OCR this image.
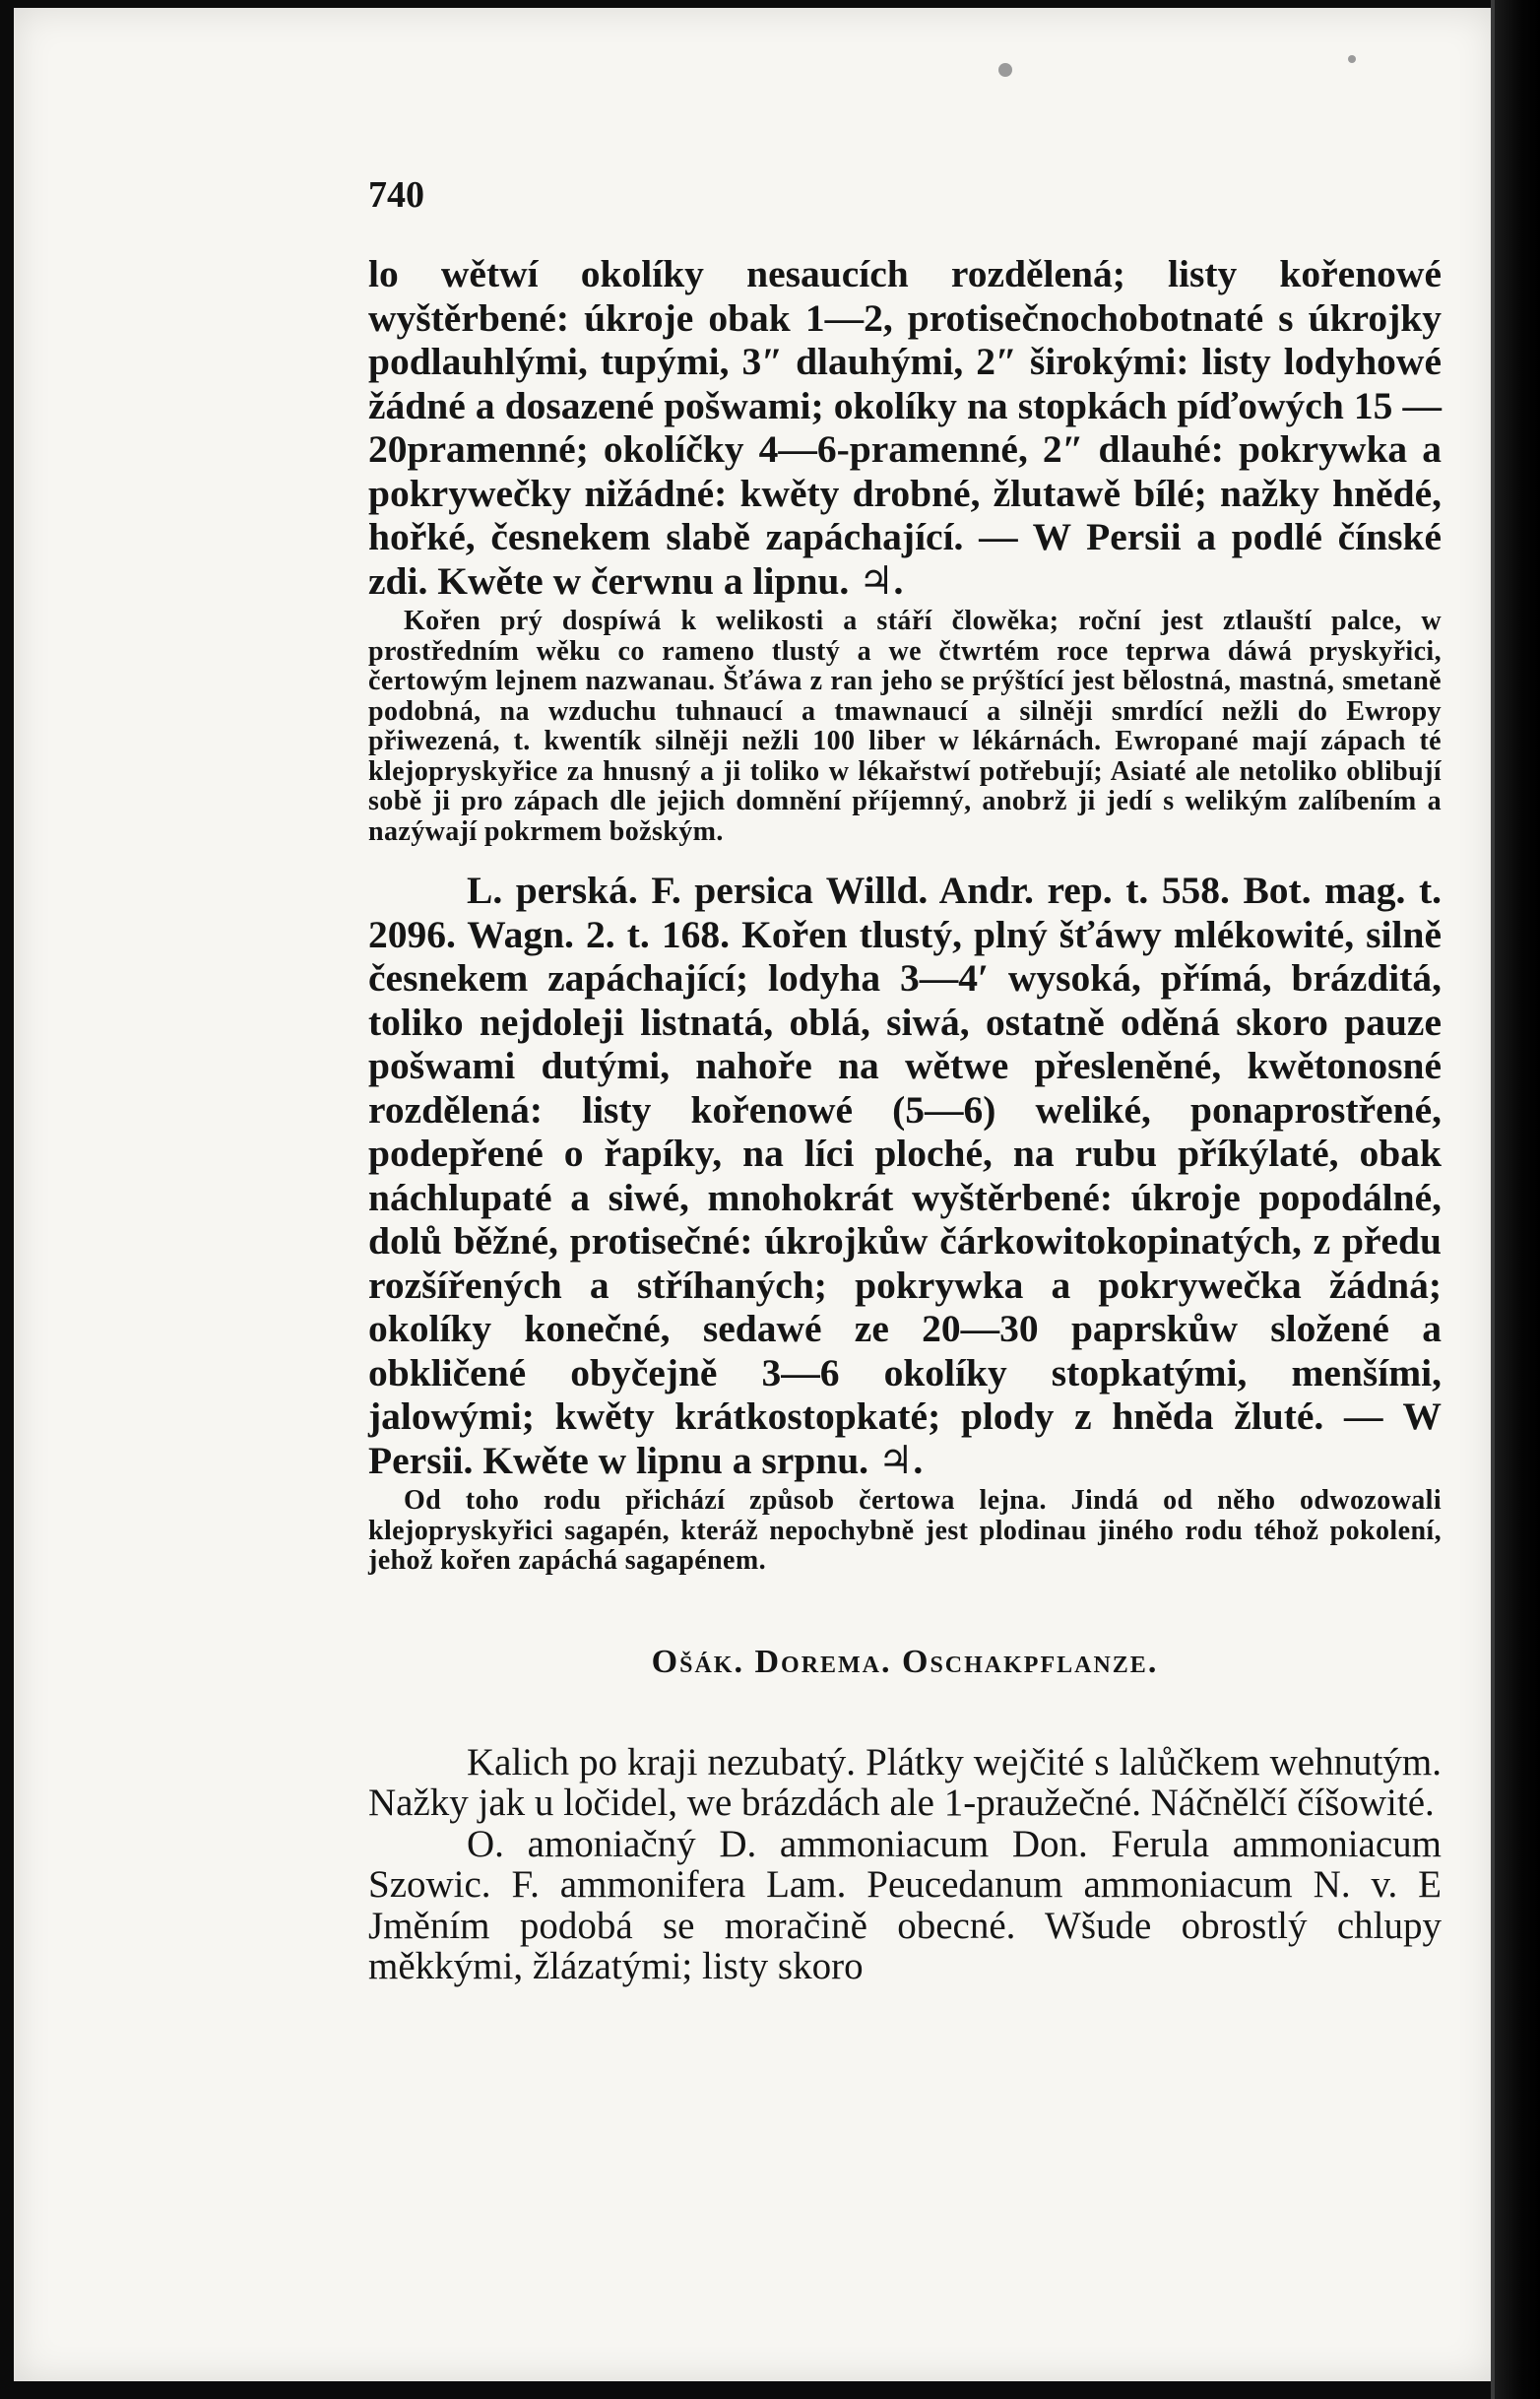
740

lo wětwí okolíky nesaucích rozdělená; listy kořenowé wyštěrbené: úkroje obak 1—2, protisečnochobotnaté s úkrojky podlauhlými, tupými, 3″ dlauhými, 2″ širokými: listy lodyhowé žádné a dosazené pošwami; okolíky na stopkách píďowých 15 — 20pramenné; okolíčky 4—6-pramenné, 2″ dlauhé: pokrywka a pokrywečky nižádné: kwěty drobné, žlutawě bílé; nažky hnědé, hořké, česnekem slabě zapáchající. — W Persii a podlé čínské zdi. Kwěte w čerwnu a lipnu. ♃.

Kořen prý dospíwá k welikosti a stáří člowěka; roční jest ztlauští palce, w prostředním wěku co rameno tlustý a we čtwrtém roce teprwa dáwá pryskyřici, čertowým lejnem nazwanau. Šťáwa z ran jeho se prýštící jest bělostná, mastná, smetaně podobná, na wzduchu tuhnaucí a tmawnaucí a silněji smrdící nežli do Ewropy přiwezená, t. kwentík silněji nežli 100 liber w lékárnách. Ewropané mají zápach té klejopryskyřice za hnusný a ji toliko w lékařstwí potřebují; Asiaté ale netoliko oblibují sobě ji pro zápach dle jejich domnění příjemný, anobrž ji jedí s welikým zalíbením a nazýwají pokrmem božským.

L. perská. F. persica Willd. Andr. rep. t. 558. Bot. mag. t. 2096. Wagn. 2. t. 168. Kořen tlustý, plný šťáwy mlékowité, silně česnekem zapáchající; lodyha 3—4′ wysoká, přímá, brázditá, toliko nejdoleji listnatá, oblá, siwá, ostatně oděná skoro pauze pošwami dutými, nahoře na wětwe přesleněné, kwětonosné rozdělená: listy kořenowé (5—6) weliké, ponaprostřené, podepřené o řapíky, na líci ploché, na rubu příkýlaté, obak náchlupaté a siwé, mnohokrát wyštěrbené: úkroje popodálné, dolů běžné, protisečné: úkrojkůw čárkowitokopinatých, z předu rozšířených a stříhaných; pokrywka a pokrywečka žádná; okolíky konečné, sedawé ze 20—30 paprskůw složené a obkličené obyčejně 3—6 okolíky stopkatými, menšími, jalowými; kwěty krátkostopkaté; plody z hněda žluté. — W Persii. Kwěte w lipnu a srpnu. ♃.

Od toho rodu přichází způsob čertowa lejna. Jindá od něho odwozowali klejopryskyřici sagapén, kteráž nepochybně jest plodinau jiného rodu téhož pokolení, jehož kořen zapáchá sagapénem.

Ošák. Dorema. Oschakpflanze.

Kalich po kraji nezubatý. Plátky wejčité s lalůčkem wehnutým. Nažky jak u ločidel, we brázdách ale 1-praužečné. Náčnělčí číšowité.

O. amoniačný D. ammoniacum Don. Ferula ammoniacum Szowic. F. ammonifera Lam. Peucedanum ammoniacum N. v. E Jměním podobá se moračině obecné. Wšude obrostlý chlupy měkkými, žlázatými; listy skoro
